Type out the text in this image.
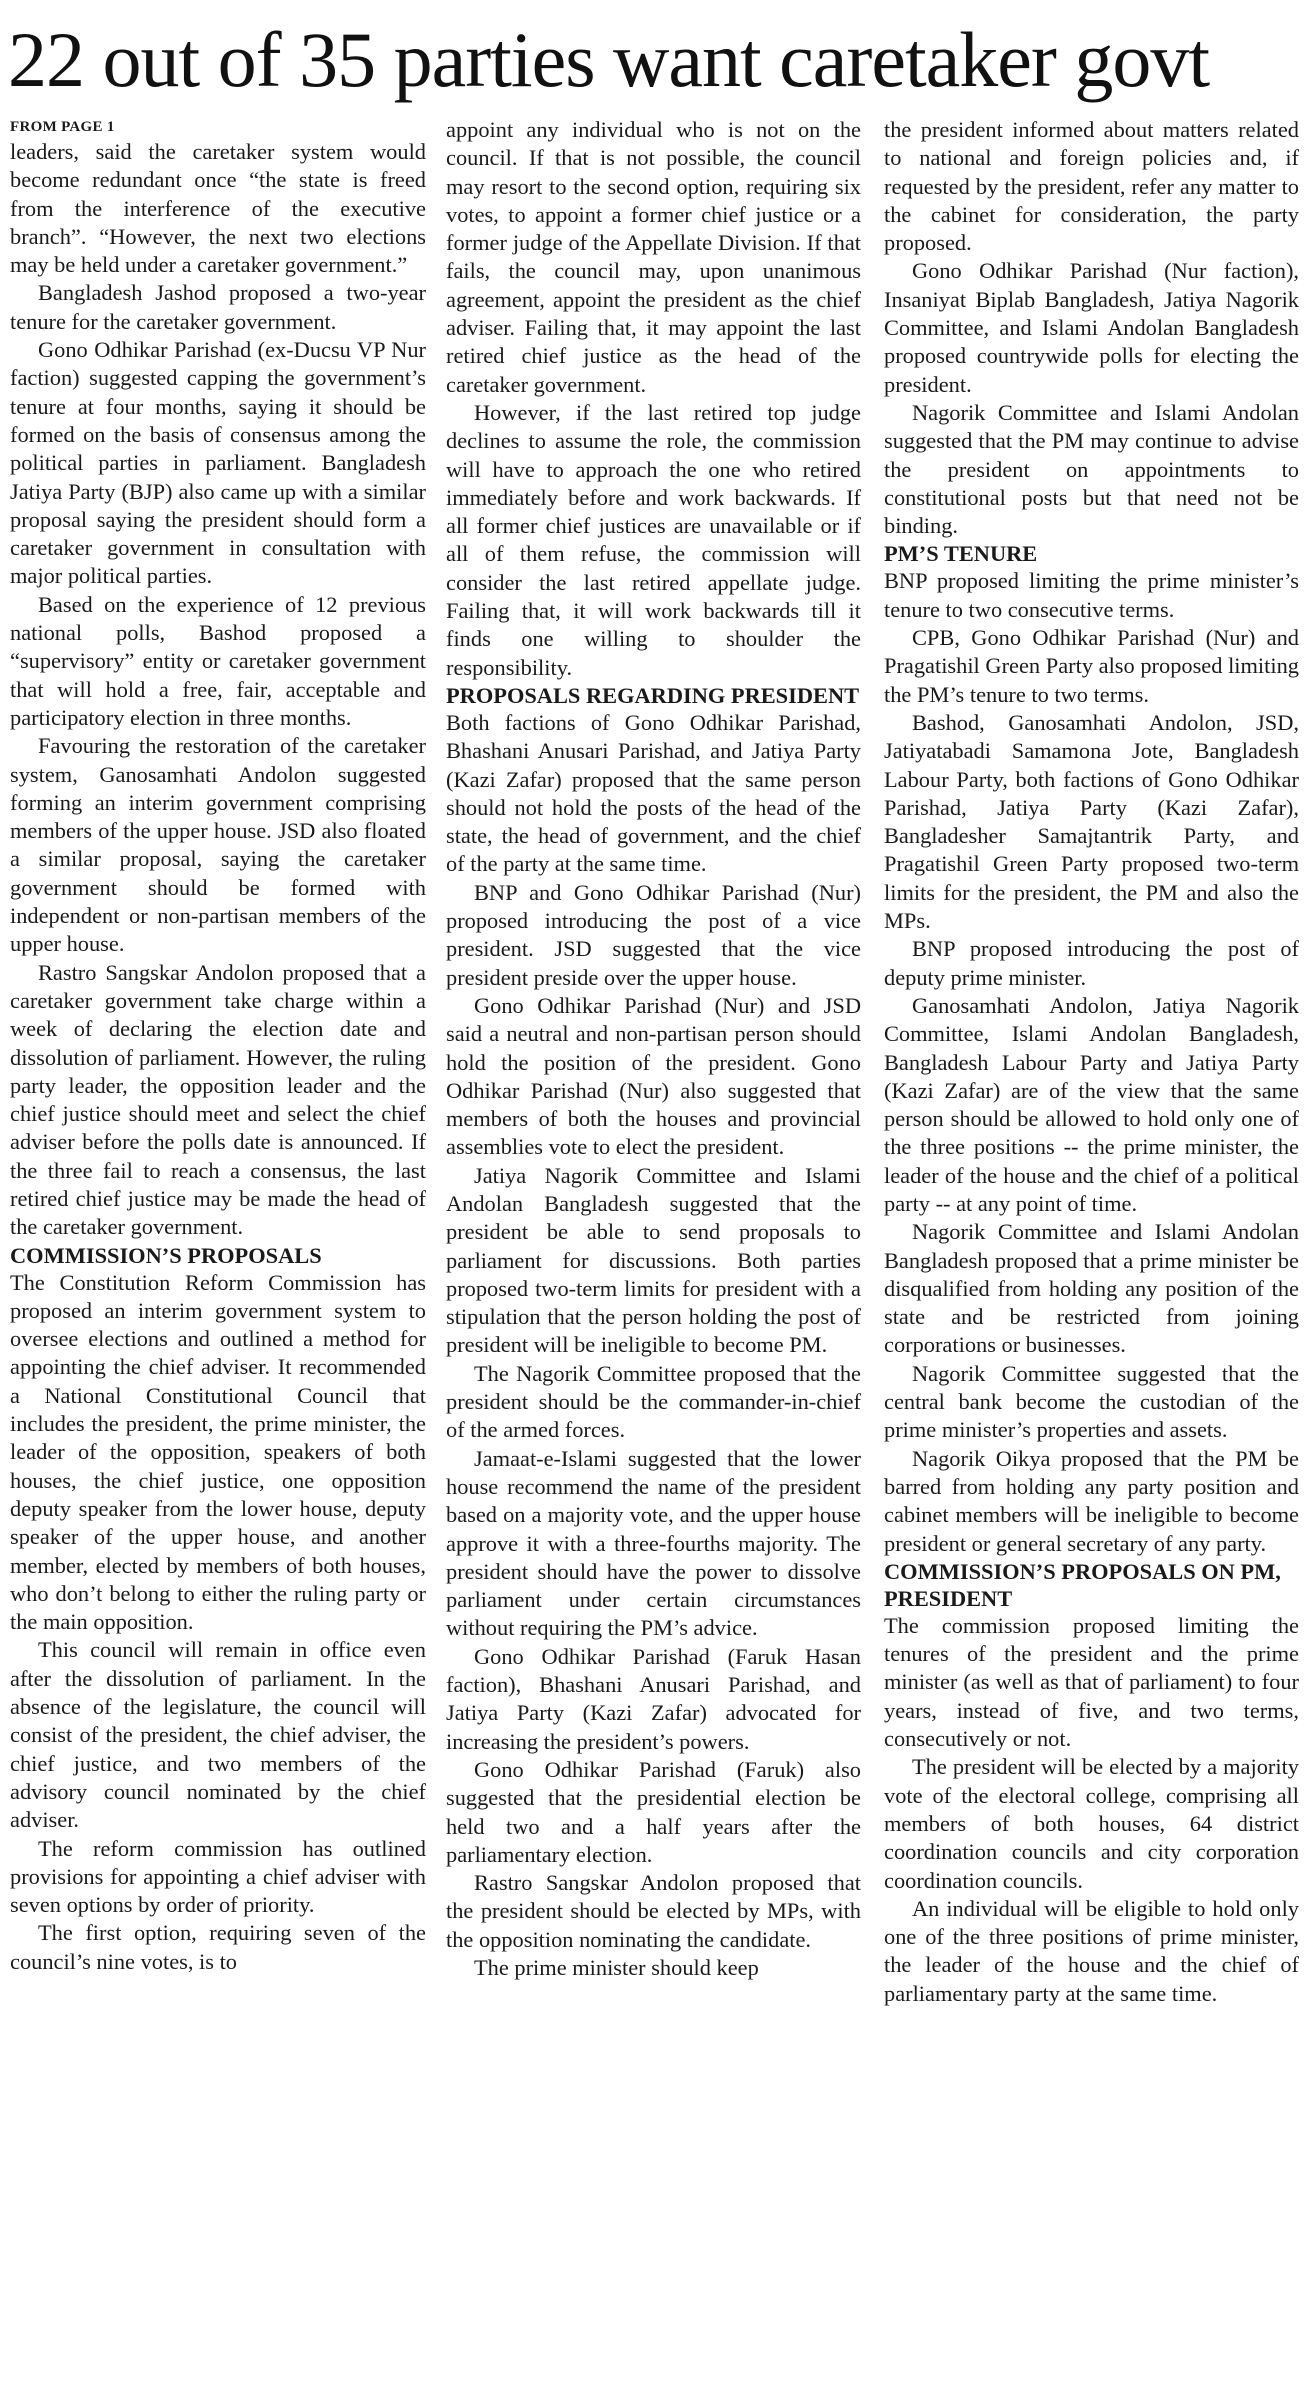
22 out of 35 parties want caretaker govt
FROM PAGE 1

leaders, said the caretaker system would become redundant once “the state is freed from the interference of the executive branch”. “However, the next two elections may be held under a caretaker government.”

Bangladesh Jashod proposed a two-year tenure for the caretaker government.

Gono Odhikar Parishad (ex-Ducsu VP Nur faction) suggested capping the government’s tenure at four months, saying it should be formed on the basis of consensus among the political parties in parliament. Bangladesh Jatiya Party (BJP) also came up with a similar proposal saying the president should form a caretaker government in consultation with major political parties.

Based on the experience of 12 previous national polls, Bashod proposed a “supervisory” entity or caretaker government that will hold a free, fair, acceptable and participatory election in three months.

Favouring the restoration of the caretaker system, Ganosamhati Andolon suggested forming an interim government comprising members of the upper house. JSD also floated a similar proposal, saying the caretaker government should be formed with independent or non-partisan members of the upper house.

Rastro Sangskar Andolon proposed that a caretaker government take charge within a week of declaring the election date and dissolution of parliament. However, the ruling party leader, the opposition leader and the chief justice should meet and select the chief adviser before the polls date is announced. If the three fail to reach a consensus, the last retired chief justice may be made the head of the caretaker government.

COMMISSION’S PROPOSALS

The Constitution Reform Commission has proposed an interim government system to oversee elections and outlined a method for appointing the chief adviser. It recommended a National Constitutional Council that includes the president, the prime minister, the leader of the opposition, speakers of both houses, the chief justice, one opposition deputy speaker from the lower house, deputy speaker of the upper house, and another member, elected by members of both houses, who don’t belong to either the ruling party or the main opposition.

This council will remain in office even after the dissolution of parliament. In the absence of the legislature, the council will consist of the president, the chief adviser, the chief justice, and two members of the advisory council nominated by the chief adviser.

The reform commission has outlined provisions for appointing a chief adviser with seven options by order of priority.

The first option, requiring seven of the council’s nine votes, is to

appoint any individual who is not on the council. If that is not possible, the council may resort to the second option, requiring six votes, to appoint a former chief justice or a former judge of the Appellate Division. If that fails, the council may, upon unanimous agreement, appoint the president as the chief adviser. Failing that, it may appoint the last retired chief justice as the head of the caretaker government.

However, if the last retired top judge declines to assume the role, the commission will have to approach the one who retired immediately before and work backwards. If all former chief justices are unavailable or if all of them refuse, the commission will consider the last retired appellate judge. Failing that, it will work backwards till it finds one willing to shoulder the responsibility.

PROPOSALS REGARDING PRESIDENT

Both factions of Gono Odhikar Parishad, Bhashani Anusari Parishad, and Jatiya Party (Kazi Zafar) proposed that the same person should not hold the posts of the head of the state, the head of government, and the chief of the party at the same time.

BNP and Gono Odhikar Parishad (Nur) proposed introducing the post of a vice president. JSD suggested that the vice president preside over the upper house.

Gono Odhikar Parishad (Nur) and JSD said a neutral and non-partisan person should hold the position of the president. Gono Odhikar Parishad (Nur) also suggested that members of both the houses and provincial assemblies vote to elect the president.

Jatiya Nagorik Committee and Islami Andolan Bangladesh suggested that the president be able to send proposals to parliament for discussions. Both parties proposed two-term limits for president with a stipulation that the person holding the post of president will be ineligible to become PM.

The Nagorik Committee proposed that the president should be the commander-in-chief of the armed forces.

Jamaat-e-Islami suggested that the lower house recommend the name of the president based on a majority vote, and the upper house approve it with a three-fourths majority. The president should have the power to dissolve parliament under certain circumstances without requiring the PM’s advice.

Gono Odhikar Parishad (Faruk Hasan faction), Bhashani Anusari Parishad, and Jatiya Party (Kazi Zafar) advocated for increasing the president’s powers.

Gono Odhikar Parishad (Faruk) also suggested that the presidential election be held two and a half years after the parliamentary election.

Rastro Sangskar Andolon proposed that the president should be elected by MPs, with the opposition nominating the candidate.

The prime minister should keep

the president informed about matters related to national and foreign policies and, if requested by the president, refer any matter to the cabinet for consideration, the party proposed.

Gono Odhikar Parishad (Nur faction), Insaniyat Biplab Bangladesh, Jatiya Nagorik Committee, and Islami Andolan Bangladesh proposed countrywide polls for electing the president.

Nagorik Committee and Islami Andolan suggested that the PM may continue to advise the president on appointments to constitutional posts but that need not be binding.

PM’S TENURE

BNP proposed limiting the prime minister’s tenure to two consecutive terms.

CPB, Gono Odhikar Parishad (Nur) and Pragatishil Green Party also proposed limiting the PM’s tenure to two terms.

Bashod, Ganosamhati Andolon, JSD, Jatiyatabadi Samamona Jote, Bangladesh Labour Party, both factions of Gono Odhikar Parishad, Jatiya Party (Kazi Zafar), Bangladesher Samajtantrik Party, and Pragatishil Green Party proposed two-term limits for the president, the PM and also the MPs.

BNP proposed introducing the post of deputy prime minister.

Ganosamhati Andolon, Jatiya Nagorik Committee, Islami Andolan Bangladesh, Bangladesh Labour Party and Jatiya Party (Kazi Zafar) are of the view that the same person should be allowed to hold only one of the three positions -- the prime minister, the leader of the house and the chief of a political party -- at any point of time.

Nagorik Committee and Islami Andolan Bangladesh proposed that a prime minister be disqualified from holding any position of the state and be restricted from joining corporations or businesses.

Nagorik Committee suggested that the central bank become the custodian of the prime minister’s properties and assets.

Nagorik Oikya proposed that the PM be barred from holding any party position and cabinet members will be ineligible to become president or general secretary of any party.

COMMISSION’S PROPOSALS ON PM, PRESIDENT

The commission proposed limiting the tenures of the president and the prime minister (as well as that of parliament) to four years, instead of five, and two terms, consecutively or not.

The president will be elected by a majority vote of the electoral college, comprising all members of both houses, 64 district coordination councils and city corporation coordination councils.

An individual will be eligible to hold only one of the three positions of prime minister, the leader of the house and the chief of parliamentary party at the same time.
